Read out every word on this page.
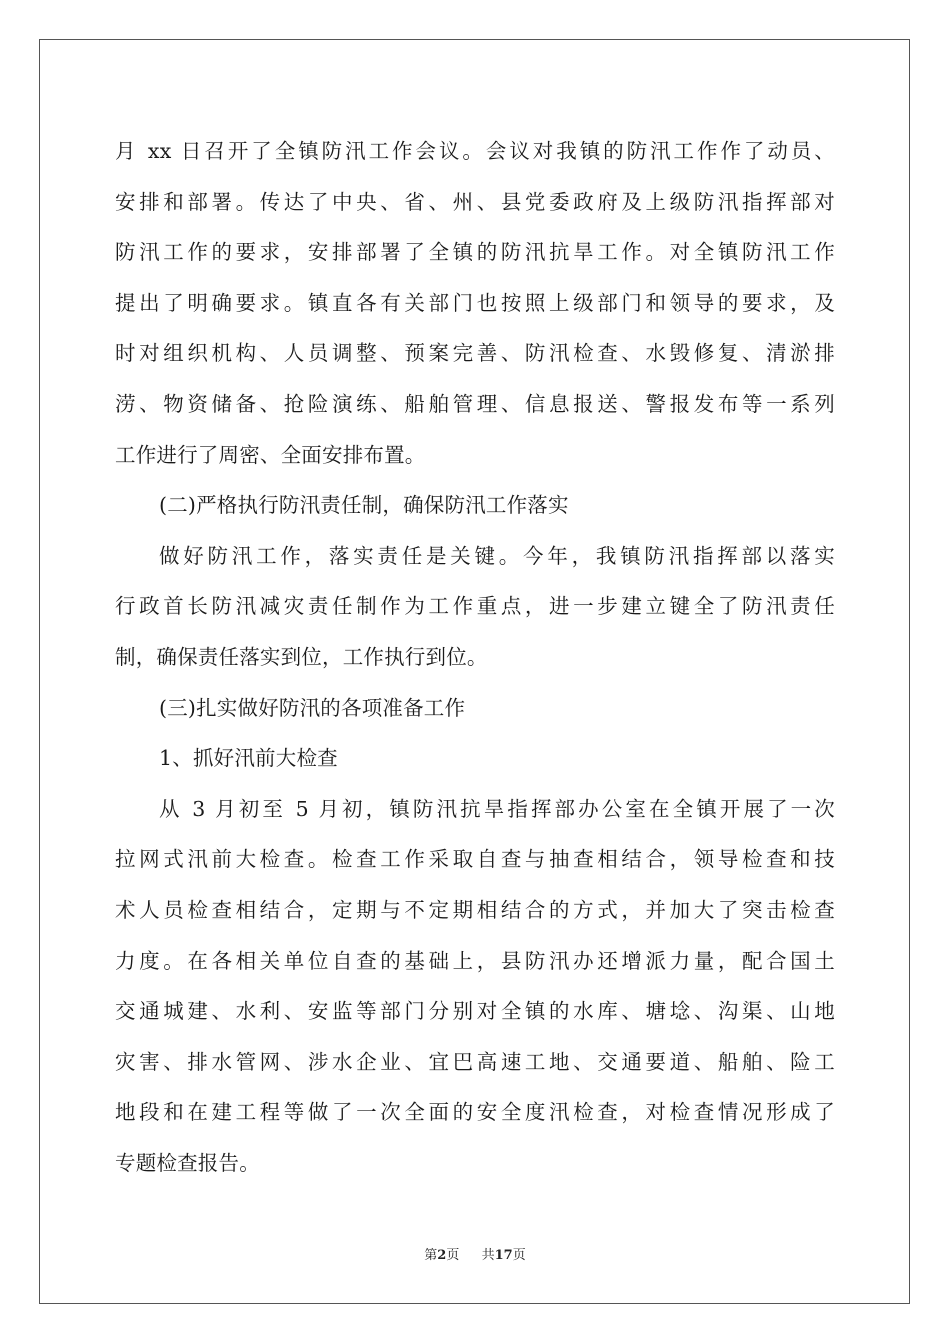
月 xx 日召开了全镇防汛工作会议。会议对我镇的防汛工作作了动员、
安排和部署。传达了中央、省、州、县党委政府及上级防汛指挥部对
防汛工作的要求，安排部署了全镇的防汛抗旱工作。对全镇防汛工作
提出了明确要求。镇直各有关部门也按照上级部门和领导的要求，及
时对组织机构、人员调整、预案完善、防汛检查、水毁修复、清淤排
涝、物资储备、抢险演练、船舶管理、信息报送、警报发布等一系列
工作进行了周密、全面安排布置。
(二)严格执行防汛责任制，确保防汛工作落实
做好防汛工作，落实责任是关键。今年，我镇防汛指挥部以落实
行政首长防汛减灾责任制作为工作重点，进一步建立键全了防汛责任
制，确保责任落实到位，工作执行到位。
(三)扎实做好防汛的各项准备工作
1、抓好汛前大检查
从 3 月初至 5 月初，镇防汛抗旱指挥部办公室在全镇开展了一次
拉网式汛前大检查。检查工作采取自查与抽查相结合，领导检查和技
术人员检查相结合，定期与不定期相结合的方式，并加大了突击检查
力度。在各相关单位自查的基础上，县防汛办还增派力量，配合国土
交通城建、水利、安监等部门分别对全镇的水库、塘埝、沟渠、山地
灾害、排水管网、涉水企业、宜巴高速工地、交通要道、船舶、险工
地段和在建工程等做了一次全面的安全度汛检查，对检查情况形成了
专题检查报告。
第2页 共17页
